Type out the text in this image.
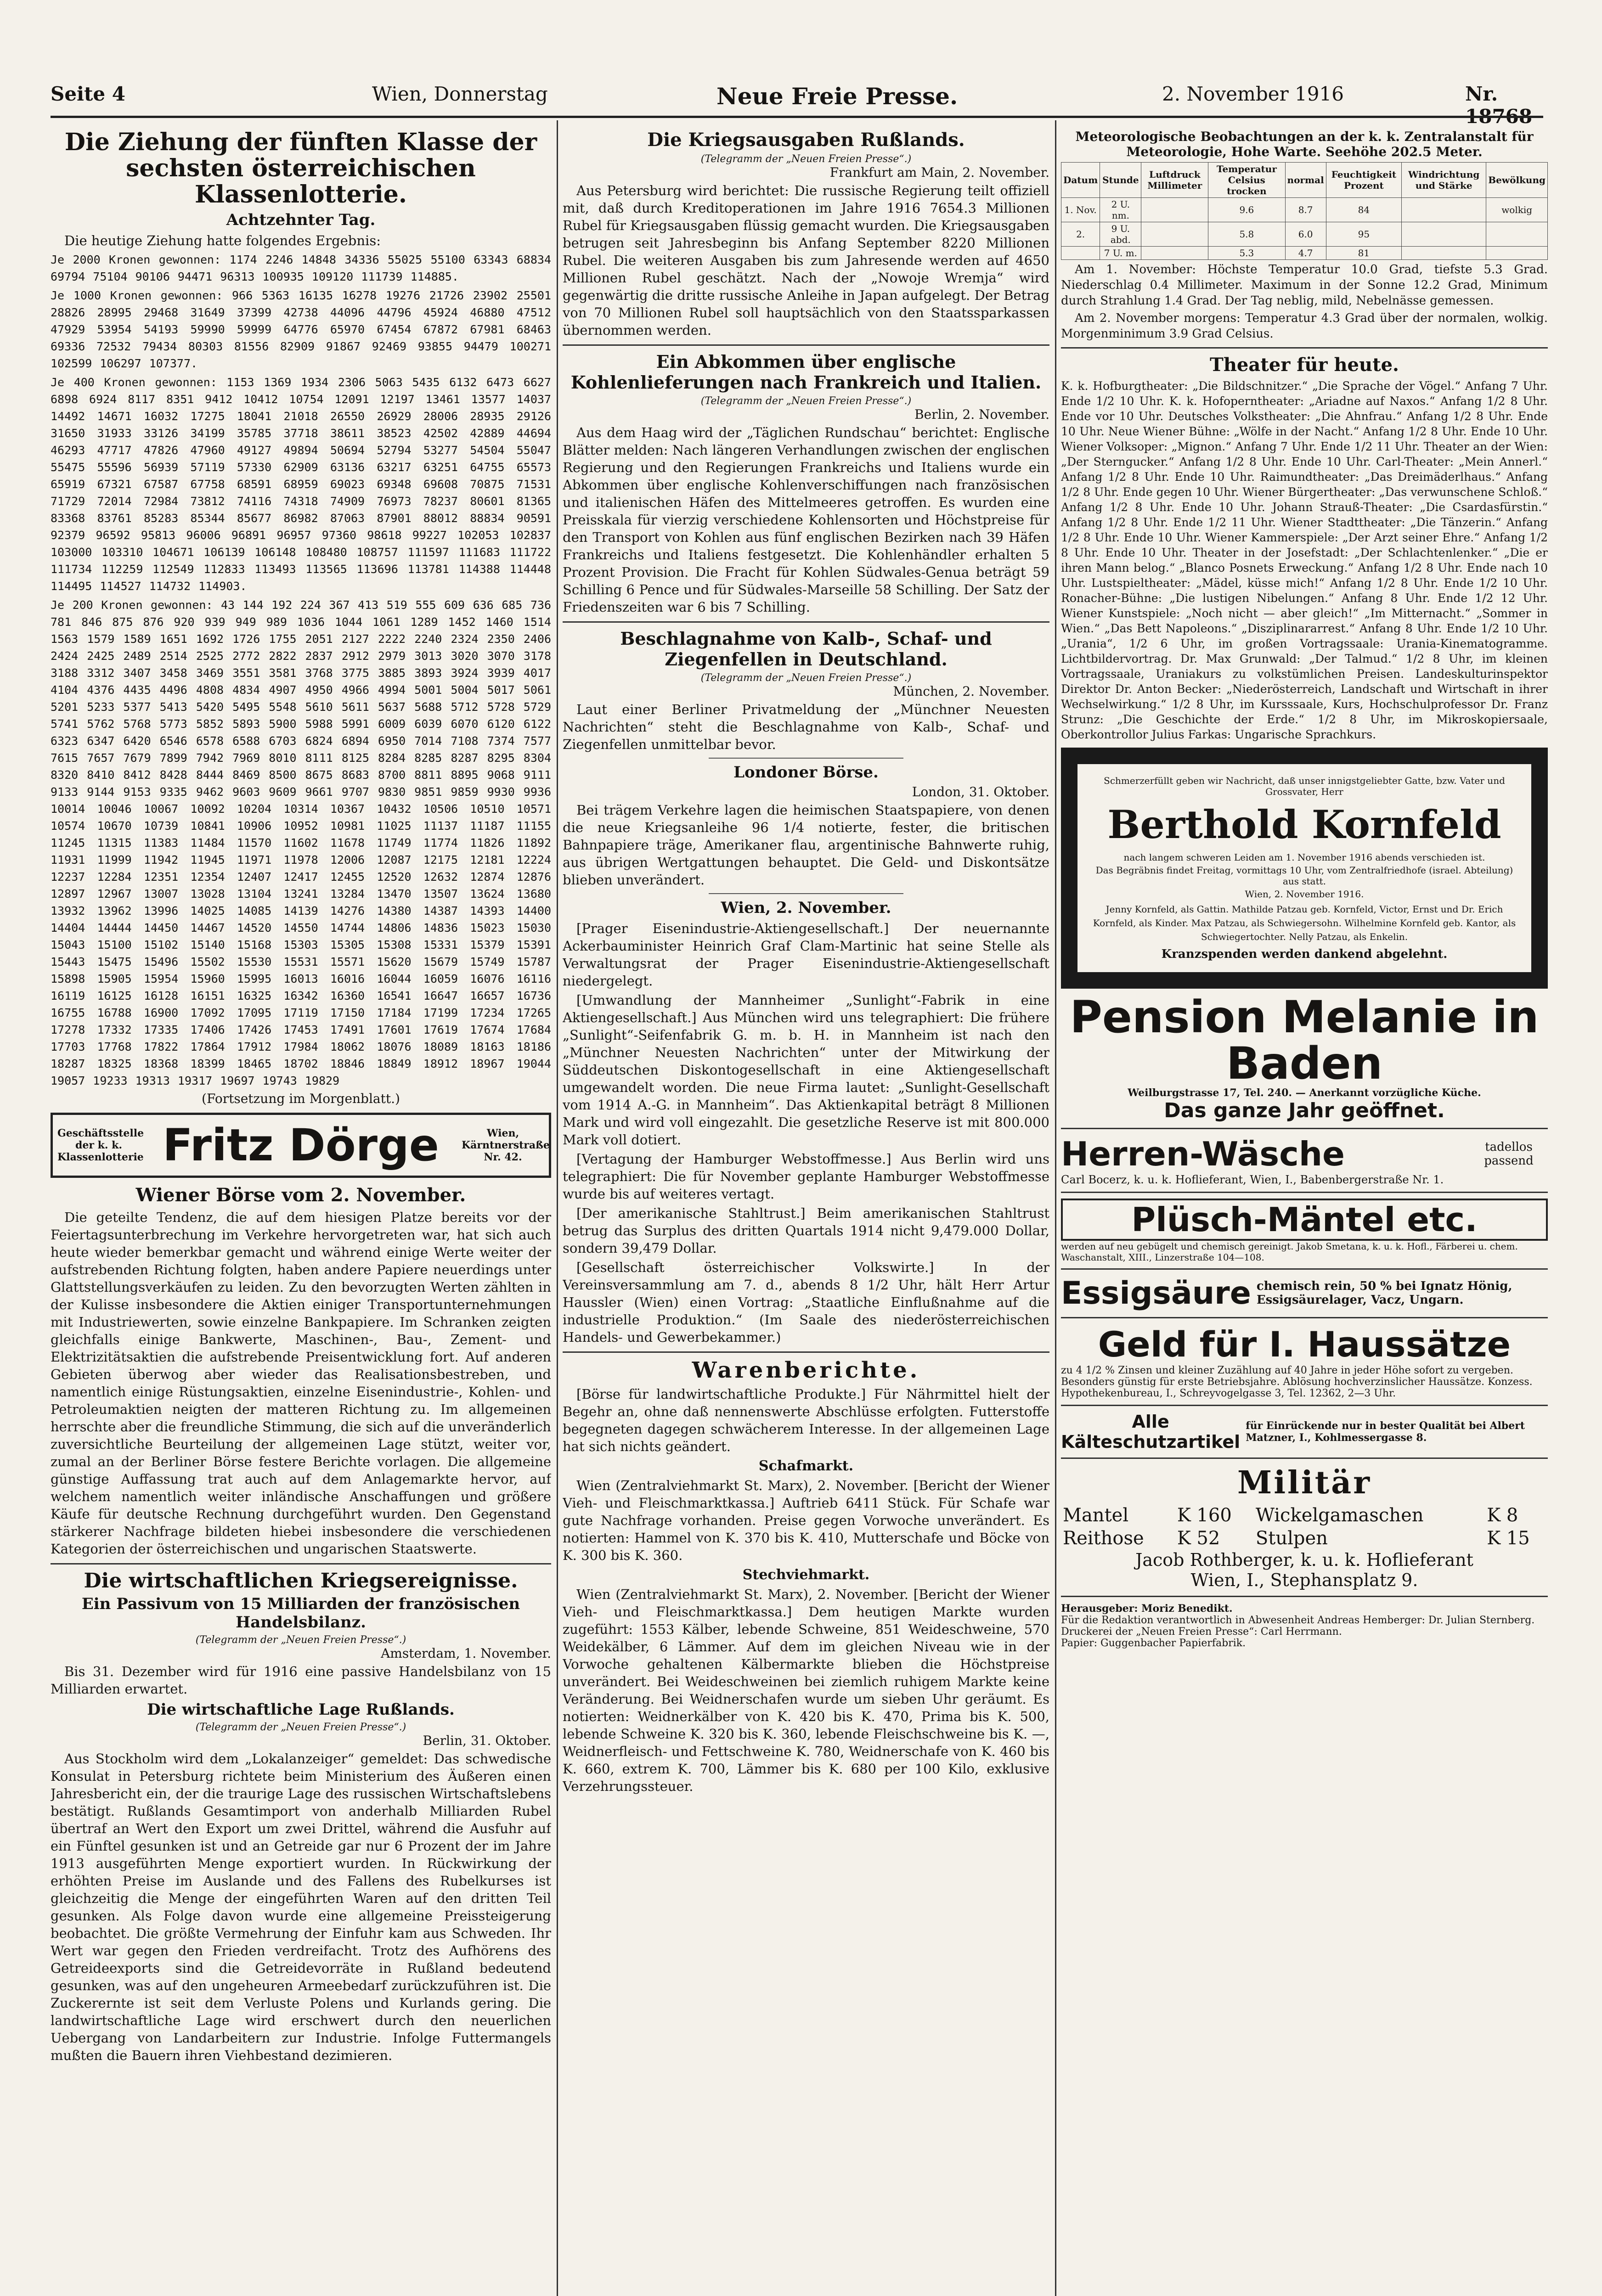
Seite 4	Wien, Donnerstag	Neue Freie Presse.	2. November 1916	Nr. 18768
Die Ziehung der fünften Klasse der sechsten österreichischen Klassenlotterie.
Achtzehnter Tag.

Die heutige Ziehung hatte folgendes Ergebnis:

Je 2000 Kronen gewonnen: 1174 2246 14848 34336 55025 55100 63343 68834 69794 75104 90106 94471 96313 100935 109120 111739 114885.
Je 1000 Kronen gewonnen: 966 5363 16135 16278 19276 21726 23902 25501 28826 28995 29468 31649 37399 42738 44096 44796 45924 46880 47512 47929 53954 54193 59990 59999 64776 65970 67454 67872 67981 68463 69336 72532 79434 80303 81556 82909 91867 92469 93855 94479 100271 102599 106297 107377.
Je 400 Kronen gewonnen: 1153 1369 1934 2306 5063 5435 6132 6473 6627 6898 6924 8117 8351 9412 10412 10754 12091 12197 13461 13577 14037 14492 14671 16032 17275 18041 21018 26550 26929 28006 28935 29126 31650 31933 33126 34199 35785 37718 38611 38523 42502 42889 44694 46293 47717 47826 47960 49127 49894 50694 52794 53277 54504 55047 55475 55596 56939 57119 57330 62909 63136 63217 63251 64755 65573 65919 67321 67587 67758 68591 68959 69023 69348 69608 70875 71531 71729 72014 72984 73812 74116 74318 74909 76973 78237 80601 81365 83368 83761 85283 85344 85677 86982 87063 87901 88012 88834 90591 92379 96592 95813 96006 96891 96957 97360 98618 99227 102053 102837 103000 103310 104671 106139 106148 108480 108757 111597 111683 111722 111734 112259 112549 112833 113493 113565 113696 113781 114388 114448 114495 114527 114732 114903.
Je 200 Kronen gewonnen: 43 144 192 224 367 413 519 555 609 636 685 736 781 846 875 876 920 939 949 989 1036 1044 1061 1289 1452 1460 1514 1563 1579 1589 1651 1692 1726 1755 2051 2127 2222 2240 2324 2350 2406 2424 2425 2489 2514 2525 2772 2822 2837 2912 2979 3013 3020 3070 3178 3188 3312 3407 3458 3469 3551 3581 3768 3775 3885 3893 3924 3939 4017 4104 4376 4435 4496 4808 4834 4907 4950 4966 4994 5001 5004 5017 5061 5201 5233 5377 5413 5420 5495 5548 5610 5611 5637 5688 5712 5728 5729 5741 5762 5768 5773 5852 5893 5900 5988 5991 6009 6039 6070 6120 6122 6323 6347 6420 6546 6578 6588 6703 6824 6894 6950 7014 7108 7374 7577 7615 7657 7679 7899 7942 7969 8010 8111 8125 8284 8285 8287 8295 8304 8320 8410 8412 8428 8444 8469 8500 8675 8683 8700 8811 8895 9068 9111 9133 9144 9153 9335 9462 9603 9609 9661 9707 9830 9851 9859 9930 9936 10014 10046 10067 10092 10204 10314 10367 10432 10506 10510 10571 10574 10670 10739 10841 10906 10952 10981 11025 11137 11187 11155 11245 11315 11383 11484 11570 11602 11678 11749 11774 11826 11892 11931 11999 11942 11945 11971 11978 12006 12087 12175 12181 12224 12237 12284 12351 12354 12407 12417 12455 12520 12632 12874 12876 12897 12967 13007 13028 13104 13241 13284 13470 13507 13624 13680 13932 13962 13996 14025 14085 14139 14276 14380 14387 14393 14400 14404 14444 14450 14467 14520 14550 14744 14806 14836 15023 15030 15043 15100 15102 15140 15168 15303 15305 15308 15331 15379 15391 15443 15475 15496 15502 15530 15531 15571 15620 15679 15749 15787 15898 15905 15954 15960 15995 16013 16016 16044 16059 16076 16116 16119 16125 16128 16151 16325 16342 16360 16541 16647 16657 16736 16755 16788 16900 17092 17095 17119 17150 17184 17199 17234 17265 17278 17332 17335 17406 17426 17453 17491 17601 17619 17674 17684 17703 17768 17822 17864 17912 17984 18062 18076 18089 18163 18186 18287 18325 18368 18399 18465 18702 18846 18849 18912 18967 19044 19057 19233 19313 19317 19697 19743 19829
(Fortsetzung im Morgenblatt.)
Geschäftsstelle der k. k. Klassenlotterie Fritz Dörge	Wien, Kärntnerstraße Nr. 42.
Wiener Börse vom 2. November.

Die geteilte Tendenz, die auf dem hiesigen Platze bereits vor der Feiertagsunterbrechung im Verkehre hervorgetreten war, hat sich auch heute wieder bemerkbar gemacht und während einige Werte weiter der aufstrebenden Richtung folgten, haben andere Papiere neuerdings unter Glattstellungsverkäufen zu leiden. Zu den bevorzugten Werten zählten in der Kulisse insbesondere die Aktien einiger Transportunternehmungen mit Industriewerten, sowie einzelne Bankpapiere. Im Schranken zeigten gleichfalls einige Bankwerte, Maschinen-, Bau-, Zement- und Elektrizitätsaktien die aufstrebende Preisentwicklung fort. Auf anderen Gebieten überwog aber wieder das Realisationsbestreben, und namentlich einige Rüstungsaktien, einzelne Eisenindustrie-, Kohlen- und Petroleumaktien neigten der matteren Richtung zu. Im allgemeinen herrschte aber die freundliche Stimmung, die sich auf die unveränderlich zuversichtliche Beurteilung der allgemeinen Lage stützt, weiter vor, zumal an der Berliner Börse festere Berichte vorlagen. Die allgemeine günstige Auffassung trat auch auf dem Anlagemarkte hervor, auf welchem namentlich weiter inländische Anschaffungen und größere Käufe für deutsche Rechnung durchgeführt wurden. Den Gegenstand stärkerer Nachfrage bildeten hiebei insbesondere die verschiedenen Kategorien der österreichischen und ungarischen Staatswerte.

Die wirtschaftlichen Kriegsereignisse.
Ein Passivum von 15 Milliarden der französischen Handelsbilanz.
(Telegramm der „Neuen Freien Presse“.)
Amsterdam, 1. November.

Bis 31. Dezember wird für 1916 eine passive Handelsbilanz von 15 Milliarden erwartet.

Die wirtschaftliche Lage Rußlands.
(Telegramm der „Neuen Freien Presse“.)
Berlin, 31. Oktober.

Aus Stockholm wird dem „Lokalanzeiger“ gemeldet: Das schwedische Konsulat in Petersburg richtete beim Ministerium des Äußeren einen Jahresbericht ein, der die traurige Lage des russischen Wirtschaftslebens bestätigt. Rußlands Gesamtimport von anderhalb Milliarden Rubel übertraf an Wert den Export um zwei Drittel, während die Ausfuhr auf ein Fünftel gesunken ist und an Getreide gar nur 6 Prozent der im Jahre 1913 ausgeführten Menge exportiert wurden. In Rückwirkung der erhöhten Preise im Auslande und des Fallens des Rubelkurses ist gleichzeitig die Menge der eingeführten Waren auf den dritten Teil gesunken. Als Folge davon wurde eine allgemeine Preissteigerung beobachtet. Die größte Vermehrung der Einfuhr kam aus Schweden. Ihr Wert war gegen den Frieden verdreifacht. Trotz des Aufhörens des Getreideexports sind die Getreidevorräte in Rußland bedeutend gesunken, was auf den ungeheuren Armeebedarf zurückzuführen ist. Die Zuckerernte ist seit dem Verluste Polens und Kurlands gering. Die landwirtschaftliche Lage wird erschwert durch den neuerlichen Uebergang von Landarbeitern zur Industrie. Infolge Futtermangels mußten die Bauern ihren Viehbestand dezimieren.

Die Kriegsausgaben Rußlands.
(Telegramm der „Neuen Freien Presse“.)
Frankfurt am Main, 2. November.

Aus Petersburg wird berichtet: Die russische Regierung teilt offiziell mit, daß durch Kreditoperationen im Jahre 1916 7654.3 Millionen Rubel für Kriegsausgaben flüssig gemacht wurden. Die Kriegsausgaben betrugen seit Jahresbeginn bis Anfang September 8220 Millionen Rubel. Die weiteren Ausgaben bis zum Jahresende werden auf 4650 Millionen Rubel geschätzt. Nach der „Nowoje Wremja“ wird gegenwärtig die dritte russische Anleihe in Japan aufgelegt. Der Betrag von 70 Millionen Rubel soll hauptsächlich von den Staatssparkassen übernommen werden.

Ein Abkommen über englische Kohlenlieferungen nach Frankreich und Italien.
(Telegramm der „Neuen Freien Presse“.)
Berlin, 2. November.

Aus dem Haag wird der „Täglichen Rundschau“ berichtet: Englische Blätter melden: Nach längeren Verhandlungen zwischen der englischen Regierung und den Regierungen Frankreichs und Italiens wurde ein Abkommen über englische Kohlenverschiffungen nach französischen und italienischen Häfen des Mittelmeeres getroffen. Es wurden eine Preisskala für vierzig verschiedene Kohlensorten und Höchstpreise für den Transport von Kohlen aus fünf englischen Bezirken nach 39 Häfen Frankreichs und Italiens festgesetzt. Die Kohlenhändler erhalten 5 Prozent Provision. Die Fracht für Kohlen Südwales-Genua beträgt 59 Schilling 6 Pence und für Südwales-Marseille 58 Schilling. Der Satz der Friedenszeiten war 6 bis 7 Schilling.

Beschlagnahme von Kalb-, Schaf- und Ziegenfellen in Deutschland.
(Telegramm der „Neuen Freien Presse“.)
München, 2. November.

Laut einer Berliner Privatmeldung der „Münchner Neuesten Nachrichten“ steht die Beschlagnahme von Kalb-, Schaf- und Ziegenfellen unmittelbar bevor.

Londoner Börse.
London, 31. Oktober.

Bei trägem Verkehre lagen die heimischen Staatspapiere, von denen die neue Kriegsanleihe 96 1/4 notierte, fester, die britischen Bahnpapiere träge, Amerikaner flau, argentinische Bahnwerte ruhig, aus übrigen Wertgattungen behauptet. Die Geld- und Diskontsätze blieben unverändert.

Wien, 2. November.

[Prager Eisenindustrie-Aktiengesellschaft.] Der neuernannte Ackerbauminister Heinrich Graf Clam-Martinic hat seine Stelle als Verwaltungsrat der Prager Eisenindustrie-Aktiengesellschaft niedergelegt.

[Umwandlung der Mannheimer „Sunlight“-Fabrik in eine Aktiengesellschaft.] Aus München wird uns telegraphiert: Die frühere „Sunlight“-Seifenfabrik G. m. b. H. in Mannheim ist nach den „Münchner Neuesten Nachrichten“ unter der Mitwirkung der Süddeutschen Diskontogesellschaft in eine Aktiengesellschaft umgewandelt worden. Die neue Firma lautet: „Sunlight-Gesellschaft vom 1914 A.-G. in Mannheim“. Das Aktienkapital beträgt 8 Millionen Mark und wird voll eingezahlt. Die gesetzliche Reserve ist mit 800.000 Mark voll dotiert.

[Vertagung der Hamburger Webstoffmesse.] Aus Berlin wird uns telegraphiert: Die für November geplante Hamburger Webstoffmesse wurde bis auf weiteres vertagt.

[Der amerikanische Stahltrust.] Beim amerikanischen Stahltrust betrug das Surplus des dritten Quartals 1914 nicht 9,479.000 Dollar, sondern 39,479 Dollar.

[Gesellschaft österreichischer Volkswirte.] In der Vereinsversammlung am 7. d., abends 8 1/2 Uhr, hält Herr Artur Haussler (Wien) einen Vortrag: „Staatliche Einflußnahme auf die industrielle Produktion.“ (Im Saale des niederösterreichischen Handels- und Gewerbekammer.)

Warenberichte.

[Börse für landwirtschaftliche Produkte.] Für Nährmittel hielt der Begehr an, ohne daß nennenswerte Abschlüsse erfolgten. Futterstoffe begegneten dagegen schwächerem Interesse. In der allgemeinen Lage hat sich nichts geändert.

Schafmarkt.

Wien (Zentralviehmarkt St. Marx), 2. November. [Bericht der Wiener Vieh- und Fleischmarktkassa.] Auftrieb 6411 Stück. Für Schafe war gute Nachfrage vorhanden. Preise gegen Vorwoche unverändert. Es notierten: Hammel von K. 370 bis K. 410, Mutterschafe und Böcke von K. 300 bis K. 360.

Stechviehmarkt.

Wien (Zentralviehmarkt St. Marx), 2. November. [Bericht der Wiener Vieh- und Fleischmarktkassa.] Dem heutigen Markte wurden zugeführt: 1553 Kälber, lebende Schweine, 851 Weideschweine, 570 Weidekälber, 6 Lämmer. Auf dem im gleichen Niveau wie in der Vorwoche gehaltenen Kälbermarkte blieben die Höchstpreise unverändert. Bei Weideschweinen bei ziemlich ruhigem Markte keine Veränderung. Bei Weidnerschafen wurde um sieben Uhr geräumt. Es notierten: Weidnerkälber von K. 420 bis K. 470, Prima bis K. 500, lebende Schweine K. 320 bis K. 360, lebende Fleischschweine bis K. —, Weidnerfleisch- und Fettschweine K. 780, Weidnerschafe von K. 460 bis K. 660, extrem K. 700, Lämmer bis K. 680 per 100 Kilo, exklusive Verzehrungssteuer.

Meteorologische Beobachtungen an der k. k. Zentralanstalt für Meteorologie, Hohe Warte. Seehöhe 202.5 Meter.
Datum	Stunde	Luftdruck Millimeter	Temperatur Celsius trocken	normal	Feuchtigkeit Prozent	Windrichtung und Stärke	Bewölkung
1. Nov.	2 U. nm.		9.6	8.7	84		wolkig
2.	9 U. abd.		5.8	6.0	95		
	7 U. m.		5.3	4.7	81		

Am 1. November: Höchste Temperatur 10.0 Grad, tiefste 5.3 Grad. Niederschlag 0.4 Millimeter. Maximum in der Sonne 12.2 Grad, Minimum durch Strahlung 1.4 Grad. Der Tag neblig, mild, Nebelnässe gemessen.

Am 2. November morgens: Temperatur 4.3 Grad über der normalen, wolkig. Morgenminimum 3.9 Grad Celsius.

Theater für heute.

K. k. Hofburgtheater: „Die Bildschnitzer.“ „Die Sprache der Vögel.“ Anfang 7 Uhr. Ende 1/2 10 Uhr. K. k. Hofoperntheater: „Ariadne auf Naxos.“ Anfang 1/2 8 Uhr. Ende vor 10 Uhr. Deutsches Volkstheater: „Die Ahnfrau.“ Anfang 1/2 8 Uhr. Ende 10 Uhr. Neue Wiener Bühne: „Wölfe in der Nacht.“ Anfang 1/2 8 Uhr. Ende 10 Uhr. Wiener Volksoper: „Mignon.“ Anfang 7 Uhr. Ende 1/2 11 Uhr. Theater an der Wien: „Der Sterngucker.“ Anfang 1/2 8 Uhr. Ende 10 Uhr. Carl-Theater: „Mein Annerl.“ Anfang 1/2 8 Uhr. Ende 10 Uhr. Raimundtheater: „Das Dreimäderlhaus.“ Anfang 1/2 8 Uhr. Ende gegen 10 Uhr. Wiener Bürgertheater: „Das verwunschene Schloß.“ Anfang 1/2 8 Uhr. Ende 10 Uhr. Johann Strauß-Theater: „Die Csardasfürstin.“ Anfang 1/2 8 Uhr. Ende 1/2 11 Uhr. Wiener Stadttheater: „Die Tänzerin.“ Anfang 1/2 8 Uhr. Ende 10 Uhr. Wiener Kammerspiele: „Der Arzt seiner Ehre.“ Anfang 1/2 8 Uhr. Ende 10 Uhr. Theater in der Josefstadt: „Der Schlachtenlenker.“ „Die er ihren Mann belog.“ „Blanco Posnets Erweckung.“ Anfang 1/2 8 Uhr. Ende nach 10 Uhr. Lustspieltheater: „Mädel, küsse mich!“ Anfang 1/2 8 Uhr. Ende 1/2 10 Uhr. Ronacher-Bühne: „Die lustigen Nibelungen.“ Anfang 8 Uhr. Ende 1/2 12 Uhr. Wiener Kunstspiele: „Noch nicht — aber gleich!“ „Im Mitternacht.“ „Sommer in Wien.“ „Das Bett Napoleons.“ „Disziplinararrest.“ Anfang 8 Uhr. Ende 1/2 10 Uhr. „Urania“, 1/2 6 Uhr, im großen Vortragssaale: Urania-Kinematogramme. Lichtbildervortrag. Dr. Max Grunwald: „Der Talmud.“ 1/2 8 Uhr, im kleinen Vortragssaale, Uraniakurs zu volkstümlichen Preisen. Landeskulturinspektor Direktor Dr. Anton Becker: „Niederösterreich, Landschaft und Wirtschaft in ihrer Wechselwirkung.“ 1/2 8 Uhr, im Kursssaale, Kurs, Hochschulprofessor Dr. Franz Strunz: „Die Geschichte der Erde.“ 1/2 8 Uhr, im Mikroskopiersaale, Oberkontrollor Julius Farkas: Ungarische Sprachkurs.

Schmerzerfüllt geben wir Nachricht, daß unser innigstgeliebter Gatte, bzw. Vater und Grossvater, Herr
Berthold Kornfeld
nach langem schweren Leiden am 1. November 1916 abends verschieden ist.
Das Begräbnis findet Freitag, vormittags 10 Uhr, vom Zentralfriedhofe (israel. Abteilung) aus statt.
Wien, 2. November 1916.
Jenny Kornfeld, als Gattin. Mathilde Patzau geb. Kornfeld, Victor, Ernst und Dr. Erich Kornfeld, als Kinder. Max Patzau, als Schwiegersohn. Wilhelmine Kornfeld geb. Kantor, als Schwiegertochter. Nelly Patzau, als Enkelin.
Kranzspenden werden dankend abgelehnt.
Pension Melanie in Baden
Weilburgstrasse 17, Tel. 240. — Anerkannt vorzügliche Küche.
Das ganze Jahr geöffnet.
Herren-Wäsche	tadellos passend
Carl Bocerz, k. u. k. Hoflieferant, Wien, I., Babenbergerstraße Nr. 1.
Plüsch-Mäntel etc.
werden auf neu gebügelt und chemisch gereinigt. Jakob Smetana, k. u. k. Hofl., Färberei u. chem. Waschanstalt, XIII., Linzerstraße 104—108.
Essigsäure chemisch rein, 50 % bei Ignatz Hönig, Essigsäurelager, Vacz, Ungarn.
Geld für I. Haussätze
zu 4 1/2 % Zinsen und kleiner Zuzählung auf 40 Jahre in jeder Höhe sofort zu vergeben. Besonders günstig für erste Betriebsjahre. Ablösung hochverzinslicher Haussätze. Konzess. Hypothekenbureau, I., Schreyvogelgasse 3, Tel. 12362, 2—3 Uhr.
Alle Kälteschutzartikel
für Einrückende nur in bester Qualität bei Albert Matzner, I., Kohlmessergasse 8.
Militär
Mantel	K 160	Wickelgamaschen	K 8
Reithose	K 52	Stulpen	K 15
Jacob Rothberger, k. u. k. Hoflieferant
Wien, I., Stephansplatz 9.
Herausgeber: Moriz Benedikt.
Für die Redaktion verantwortlich in Abwesenheit Andreas Hemberger: Dr. Julian Sternberg.
Druckerei der „Neuen Freien Presse“: Carl Herrmann.
Papier: Guggenbacher Papierfabrik.
